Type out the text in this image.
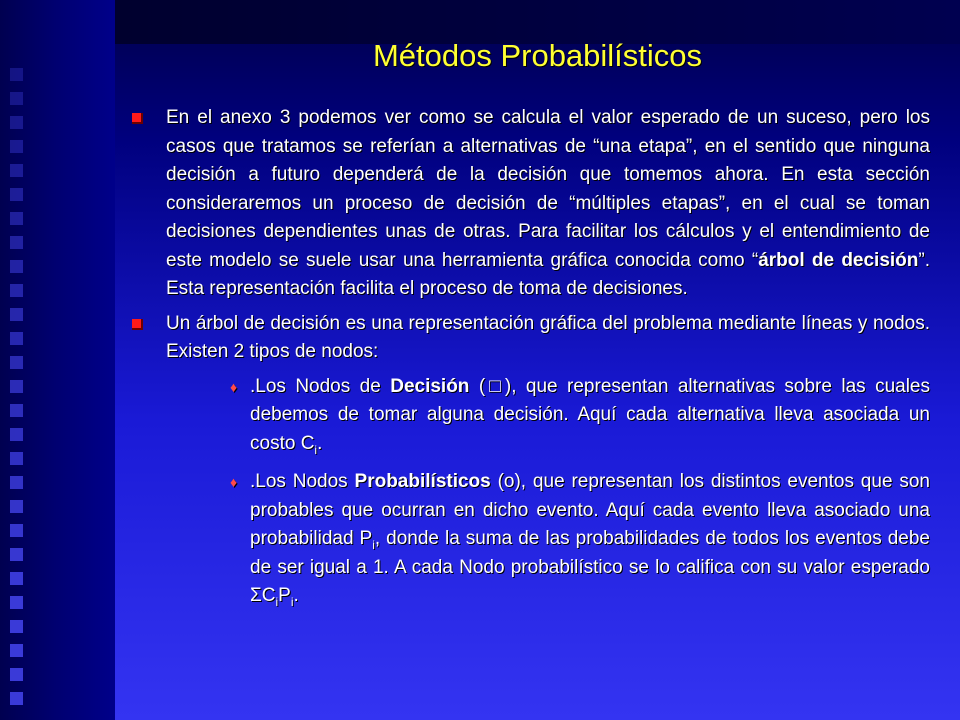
Métodos Probabilísticos
En el anexo 3 podemos ver como se calcula el valor esperado de un suceso, pero los casos que tratamos se referían a alternativas de “una etapa”, en el sentido que ninguna decisión a futuro dependerá de la decisión que tomemos ahora. En esta sección consideraremos un proceso de decisión de “múltiples etapas”, en el cual se toman decisiones dependientes unas de otras. Para facilitar los cálculos y el entendimiento de este modelo se suele usar una herramienta gráfica conocida como “árbol de decisión”. Esta representación facilita el proceso de toma de decisiones.
Un árbol de decisión es una representación gráfica del problema mediante líneas y nodos. Existen 2 tipos de nodos:
♦ .Los Nodos de Decisión (□), que representan alternativas sobre las cuales debemos de tomar alguna decisión. Aquí cada alternativa lleva asociada un costo $C_i$.
♦ .Los Nodos Probabilísticos (o), que representan los distintos eventos que son probables que ocurran en dicho evento. Aquí cada evento lleva asociado una probabilidad $P_i$, donde la suma de las probabilidades de todos los eventos debe de ser igual a 1. A cada Nodo probabilístico se lo califica con su valor esperado $\Sigma C_iP_i$.
